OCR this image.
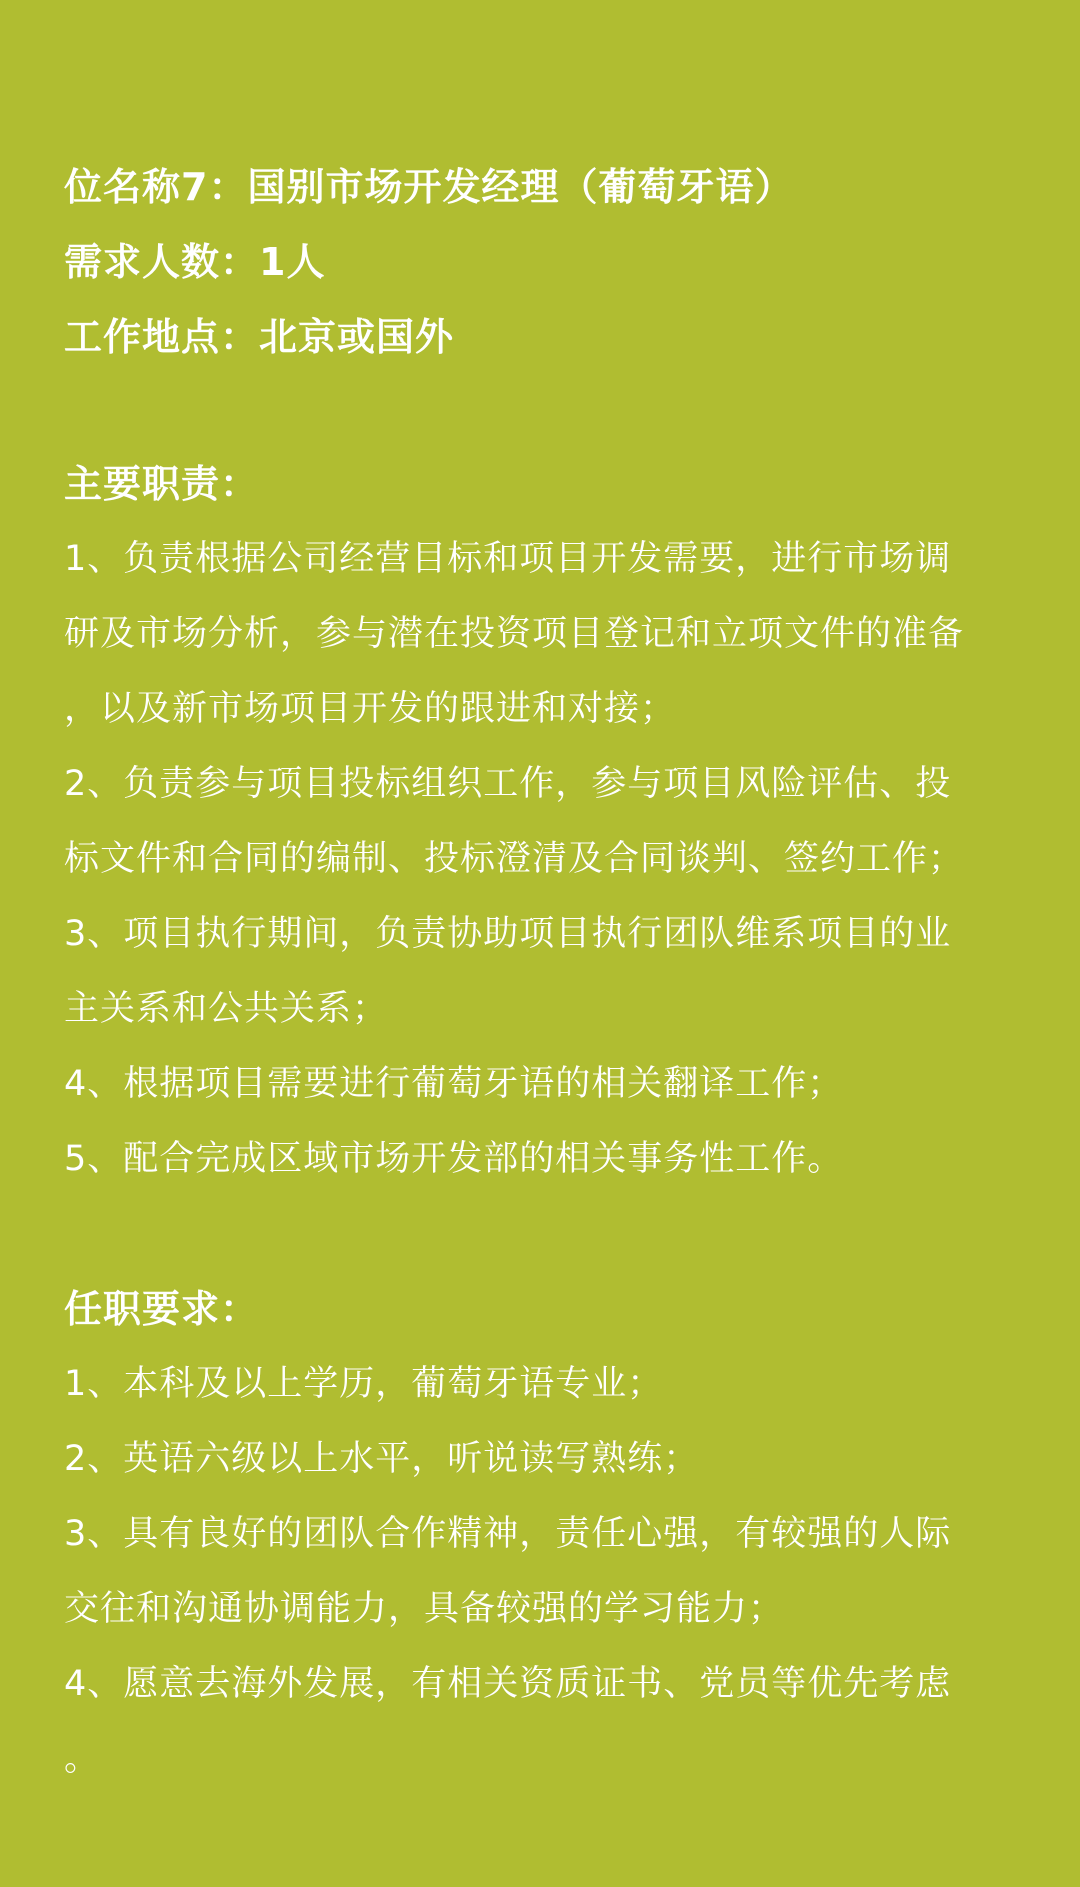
位名称7：国别市场开发经理（葡萄牙语）
需求人数：1人
工作地点：北京或国外
主要职责：
1、负责根据公司经营目标和项目开发需要，进行市场调
研及市场分析，参与潜在投资项目登记和立项文件的准备
，以及新市场项目开发的跟进和对接；
2、负责参与项目投标组织工作，参与项目风险评估、投
标文件和合同的编制、投标澄清及合同谈判、签约工作；
3、项目执行期间，负责协助项目执行团队维系项目的业
主关系和公共关系；
4、根据项目需要进行葡萄牙语的相关翻译工作；
5、配合完成区域市场开发部的相关事务性工作。
任职要求：
1、本科及以上学历，葡萄牙语专业；
2、英语六级以上水平，听说读写熟练；
3、具有良好的团队合作精神，责任心强，有较强的人际
交往和沟通协调能力，具备较强的学习能力；
4、愿意去海外发展，有相关资质证书、党员等优先考虑
。
